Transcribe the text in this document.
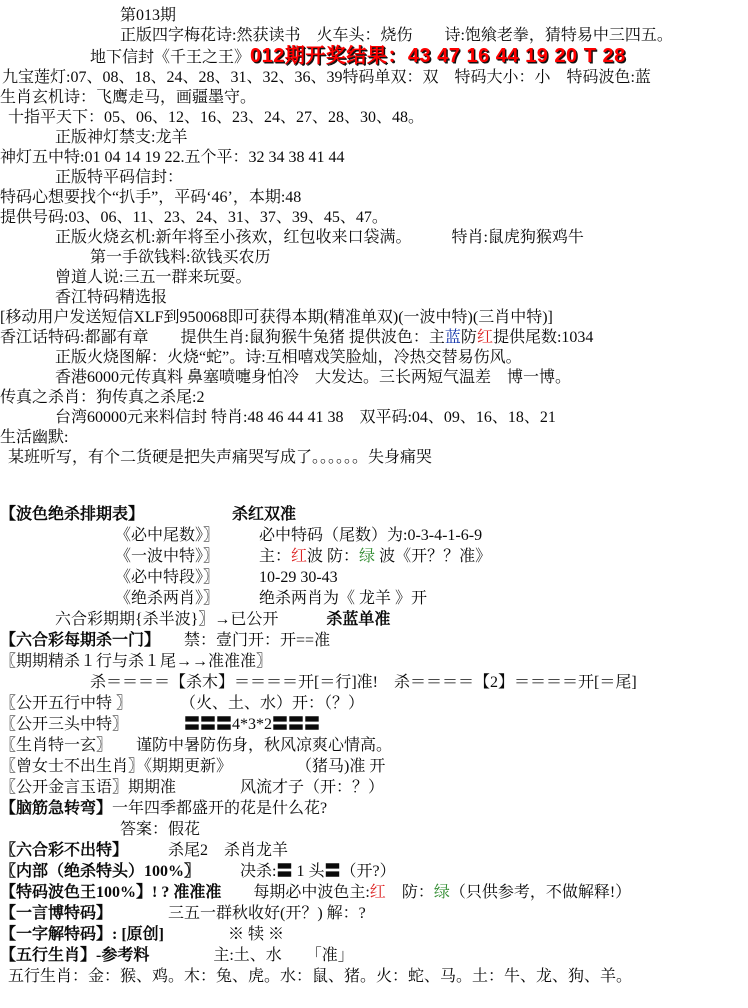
第013期
正版四字梅花诗:然获读书　火车头：烧伤　　诗:饱飨老拳，猜特易中三四五。
地下信封《千王之王》012期开奖结果：43 47 16 44 19 20 T 28
九宝莲灯:07、08、18、24、28、31、32、36、39特码单双：双　特码大小：小　特码波色:蓝
生肖玄机诗：飞鹰走马，画疆墨守。
十指平天下：05、06、12、16、23、24、27、28、30、48。
正版神灯禁支:龙羊
神灯五中特:01 04 14 19 22.五个平：32 34 38 41 44
正版特平码信封：
特码心想要找个“扒手”，平码‘46’，本期:48
提供号码:03、06、11、23、24、31、37、39、45、47。
正版火烧玄机:新年将至小孩欢，红包收来口袋满。　　　特肖:鼠虎狗猴鸡牛
第一手欲钱料:欲钱买农历
曾道人说:三五一群来玩耍。
香江特码精选报
[移动用户发送短信XLF到950068即可获得本期(精准单双)(一波中特)(三肖中特)]
香江话特码:都鄙有章　　提供生肖:鼠狗猴牛兔猪 提供波色：主蓝防红提供尾数:1034
正版火烧图解：火烧“蛇”。诗:互相嘻戏笑脸灿，冷热交替易伤风。
香港6000元传真料 鼻塞喷嚏身怕冷　大发达。三长两短气温差　博一博。
传真之杀肖：狗传真之杀尾:2
台湾60000元来料信封 特肖:48 46 44 41 38　双平码:04、09、16、18、21
生活幽默:
某班听写，有个二货硬是把失声痛哭写成了。。。。。。失身痛哭
【波色绝杀排期表】　　　　　　	杀红双准
《必中尾数》〗　　　必中特码（尾数）为:0-3-4-1-6-9
《一波中特》〗　　　主：红波 防：绿 波《开？？准》
《必中特段》〗　　　10-29 30-43
《绝杀两肖》〗　　　绝杀两肖为《 龙羊 》开
六合彩期期{杀半波}〗→已公开　　　杀蓝单准
【六合彩每期杀一门】　　禁：壹门开：开==准
〖期期精杀１行与杀１尾→→准准准〗
杀＝＝＝＝【杀木】＝＝＝＝开[＝行]准!　杀＝＝＝＝【2】＝＝＝＝开[＝尾]
〖公开五行中特 〗　　　　（火、土、水）开：（？）
〖公开三头中特〗　　　　〓〓〓4*3*2〓〓〓
〖生肖特一玄〗　　谨防中暑防伤身，秋风凉爽心情高。
〖曾女士不出生肖〗《期期更新》　　　　　（猪马)准 开
〖公开金言玉语〗期期准　　　　风流才子（开：？）
【脑筋急转弯】一年四季都盛开的花是什么花?
答案：假花
〖六合彩不出特】　　　杀尾2　杀肖龙羊
〖内部（绝杀特头）100%〗　　　决杀:〓 1 头〓（开?）
【特码波色王100%】! ? 准准准　　每期必中波色主:红　防：绿（只供参考，不做解释!）
【一言博特码】　　　　三五一群秋收好(开？) 解：?
【一字解特码】: [原创]　　　　※ 犊 ※
【五行生肖】-参考料　　　　主:土、水　　「准」
五行生肖：金：猴、鸡。木：兔、虎。水：鼠、猪。火：蛇、马。土：牛、龙、狗、羊。
